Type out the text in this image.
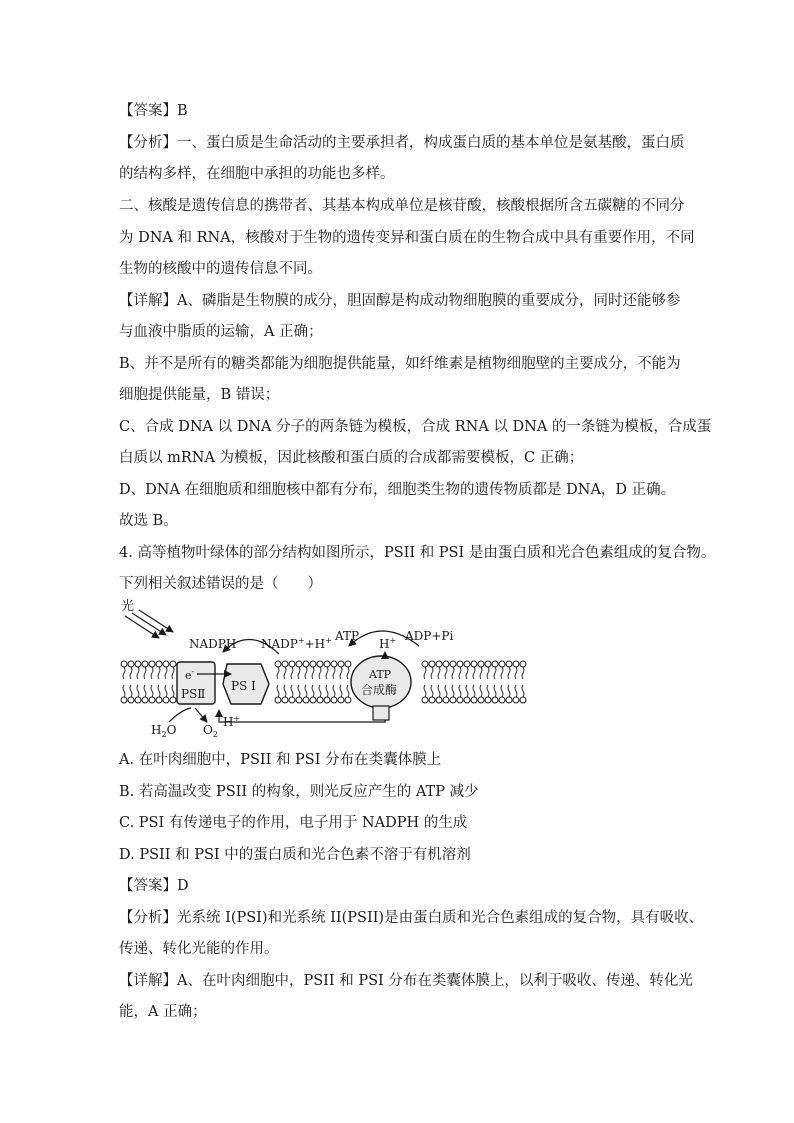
【答案】B
【分析】一、蛋白质是生命活动的主要承担者，构成蛋白质的基本单位是氨基酸，蛋白质
的结构多样，在细胞中承担的功能也多样。
二、核酸是遗传信息的携带者、其基本构成单位是核苷酸，核酸根据所含五碳糖的不同分
为 DNA 和 RNA，核酸对于生物的遗传变异和蛋白质在的生物合成中具有重要作用，不同
生物的核酸中的遗传信息不同。
【详解】A、磷脂是生物膜的成分，胆固醇是构成动物细胞膜的重要成分，同时还能够参
与血液中脂质的运输，A 正确；
B、并不是所有的糖类都能为细胞提供能量，如纤维素是植物细胞壁的主要成分，不能为
细胞提供能量，B 错误；
C、合成 DNA 以 DNA 分子的两条链为模板，合成 RNA 以 DNA 的一条链为模板，合成蛋
白质以 mRNA 为模板，因此核酸和蛋白质的合成都需要模板，C 正确；
D、DNA 在细胞质和细胞核中都有分布，细胞类生物的遗传物质都是 DNA，D 正确。
故选 B。
4. 高等植物叶绿体的部分结构如图所示，PSII 和 PSI 是由蛋白质和光合色素组成的复合物。
下列相关叙述错误的是（　　）
光
e-
PSⅡ
PS Ⅰ
ATP
合成酶
NADPH NADP++H+ ATP
H+ ADP+Pi
$H_2O$ $O_2$
H+
A. 在叶肉细胞中，PSII 和 PSI 分布在类囊体膜上
B. 若高温改变 PSII 的构象，则光反应产生的 ATP 减少
C. PSI 有传递电子的作用，电子用于 NADPH 的生成
D. PSII 和 PSI 中的蛋白质和光合色素不溶于有机溶剂
【答案】D
【分析】光系统 I(PSI)和光系统 II(PSII)是由蛋白质和光合色素组成的复合物，具有吸收、
传递、转化光能的作用。
【详解】A、在叶肉细胞中，PSII 和 PSI 分布在类囊体膜上，以利于吸收、传递、转化光
能，A 正确；
